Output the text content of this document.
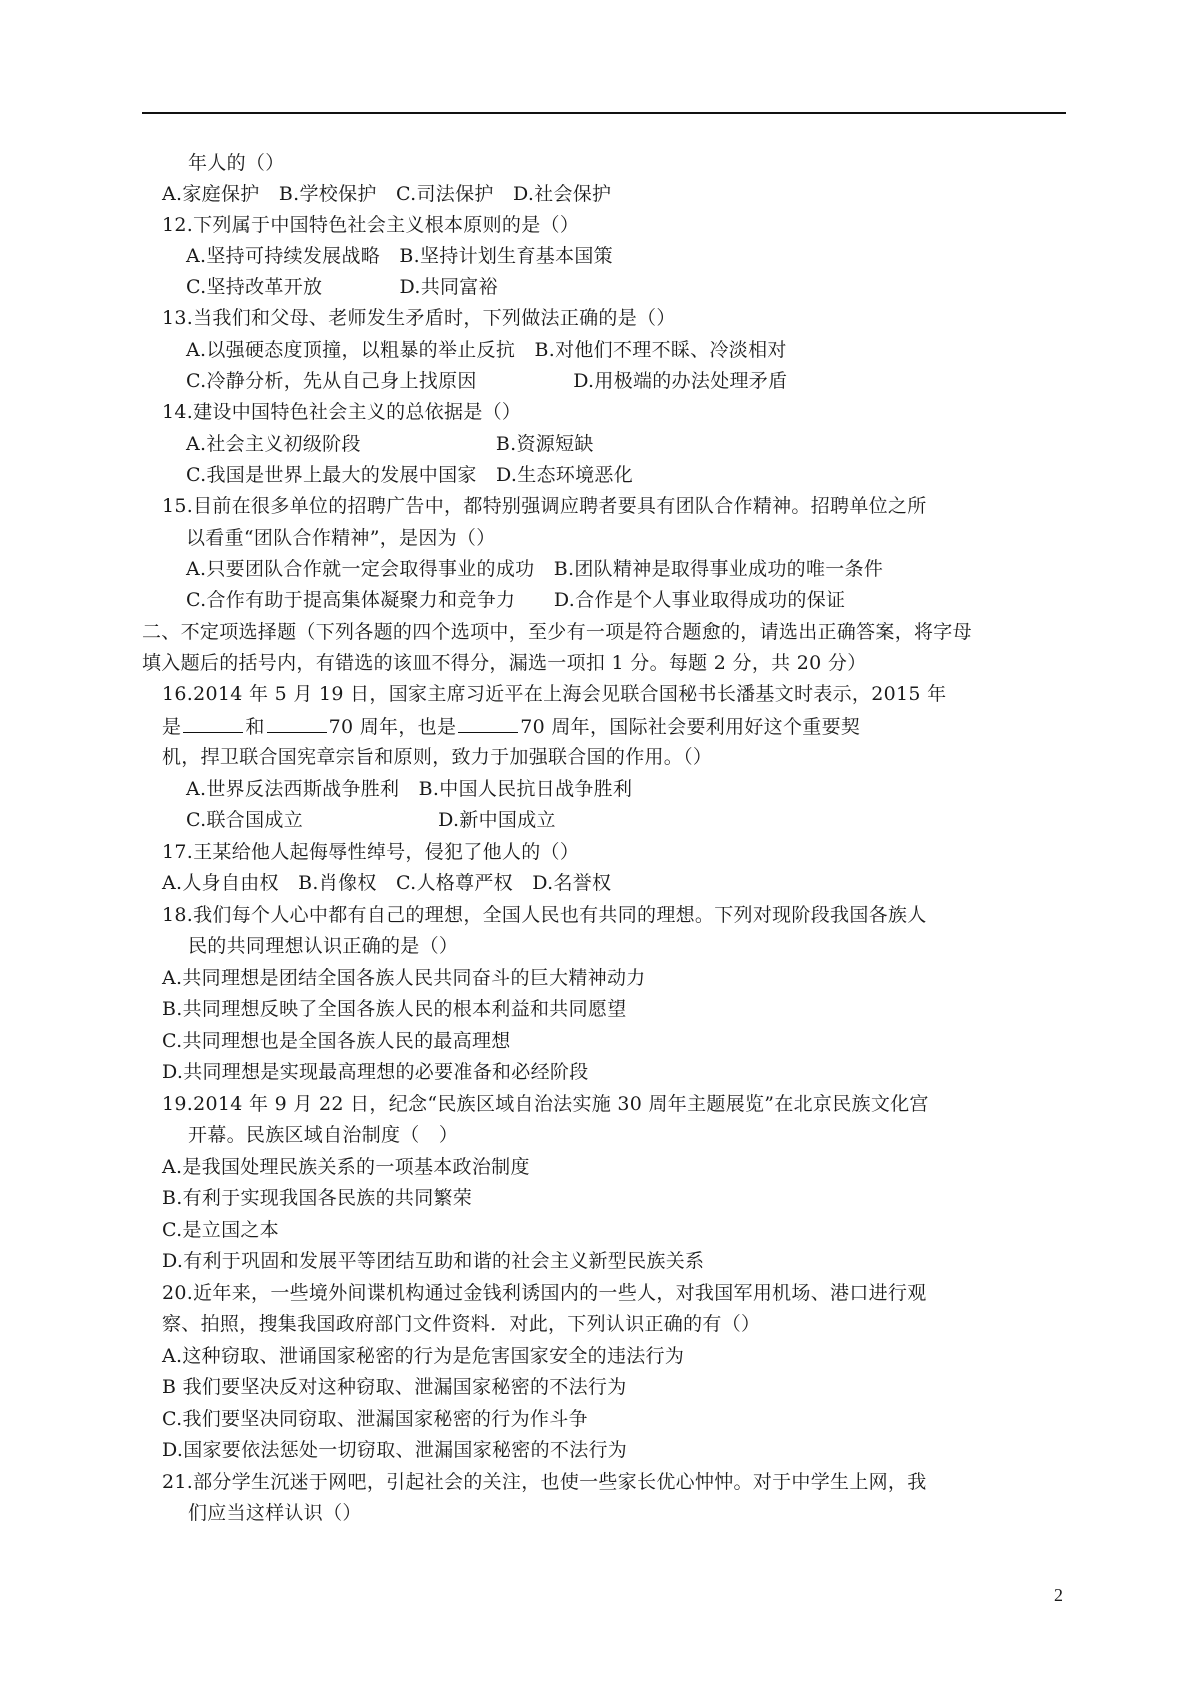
年人的（）
A.家庭保护　B.学校保护　C.司法保护　D.社会保护
12.下列属于中国特色社会主义根本原则的是（）
A.坚持可持续发展战略　B.坚持计划生育基本国策
C.坚持改革开放　　　　D.共同富裕
13.当我们和父母、老师发生矛盾时，下列做法正确的是（）
A.以强硬态度顶撞，以粗暴的举止反抗　B.对他们不理不睬、冷淡相对
C.冷静分析，先从自己身上找原因　　　　　D.用极端的办法处理矛盾
14.建设中国特色社会主义的总依据是（）
A.社会主义初级阶段　　　　　　　B.资源短缺
C.我国是世界上最大的发展中国家　D.生态环境恶化
15.目前在很多单位的招聘广告中，都特别强调应聘者要具有团队合作精神。招聘单位之所
以看重“团队合作精神”，是因为（）
A.只要团队合作就一定会取得事业的成功　B.团队精神是取得事业成功的唯一条件
C.合作有助于提高集体凝聚力和竞争力　　D.合作是个人事业取得成功的保证
二、不定项选择题（下列各题的四个选项中，至少有一项是符合题愈的，请选出正确答案，将字母
填入题后的括号内，有错选的该皿不得分，漏选一项扣 1 分。每题 2 分，共 20 分）
16.2014 年 5 月 19 日，国家主席习近平在上海会见联合国秘书长潘基文时表示，2015 年
是	和	70 周年，也是	70 周年，国际社会要利用好这个重要契
机，捍卫联合国宪章宗旨和原则，致力于加强联合国的作用。（）
A.世界反法西斯战争胜利　B.中国人民抗日战争胜利
C.联合国成立　　　　　　　D.新中国成立
17.王某给他人起侮辱性绰号，侵犯了他人的（）
A.人身自由权　B.肖像权　C.人格尊严权　D.名誉权
18.我们每个人心中都有自己的理想，全国人民也有共同的理想。下列对现阶段我国各族人
民的共同理想认识正确的是（）
A.共同理想是团结全国各族人民共同奋斗的巨大精神动力
B.共同理想反映了全国各族人民的根本利益和共同愿望
C.共同理想也是全国各族人民的最高理想
D.共同理想是实现最高理想的必要准备和必经阶段
19.2014 年 9 月 22 日，纪念“民族区域自治法实施 30 周年主题展览”在北京民族文化宫
开幕。民族区域自治制度（　）
A.是我国处理民族关系的一项基本政治制度
B.有利于实现我国各民族的共同繁荣
C.是立国之本
D.有利于巩固和发展平等团结互助和谐的社会主义新型民族关系
20.近年来，一些境外间谍机构通过金钱利诱国内的一些人，对我国军用机场、港口进行观
察、拍照，搜集我国政府部门文件资料．对此，下列认识正确的有（）
A.这种窃取、泄诵国家秘密的行为是危害国家安全的违法行为
B 我们要坚决反对这种窃取、泄漏国家秘密的不法行为
C.我们要坚决同窃取、泄漏国家秘密的行为作斗争
D.国家要依法惩处一切窃取、泄漏国家秘密的不法行为
21.部分学生沉迷于网吧，引起社会的关注，也使一些家长优心忡忡。对于中学生上网，我
们应当这样认识（）
2
